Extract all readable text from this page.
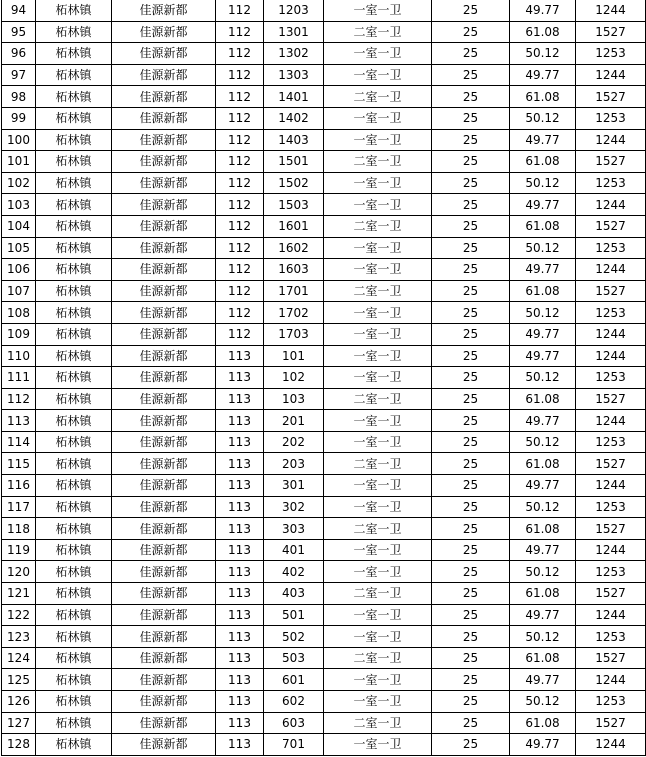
94	柘林镇	佳源新都	112	1203	一室一卫	25	49.77	1244
95	柘林镇	佳源新都	112	1301	二室一卫	25	61.08	1527
96	柘林镇	佳源新都	112	1302	一室一卫	25	50.12	1253
97	柘林镇	佳源新都	112	1303	一室一卫	25	49.77	1244
98	柘林镇	佳源新都	112	1401	二室一卫	25	61.08	1527
99	柘林镇	佳源新都	112	1402	一室一卫	25	50.12	1253
100	柘林镇	佳源新都	112	1403	一室一卫	25	49.77	1244
101	柘林镇	佳源新都	112	1501	二室一卫	25	61.08	1527
102	柘林镇	佳源新都	112	1502	一室一卫	25	50.12	1253
103	柘林镇	佳源新都	112	1503	一室一卫	25	49.77	1244
104	柘林镇	佳源新都	112	1601	二室一卫	25	61.08	1527
105	柘林镇	佳源新都	112	1602	一室一卫	25	50.12	1253
106	柘林镇	佳源新都	112	1603	一室一卫	25	49.77	1244
107	柘林镇	佳源新都	112	1701	二室一卫	25	61.08	1527
108	柘林镇	佳源新都	112	1702	一室一卫	25	50.12	1253
109	柘林镇	佳源新都	112	1703	一室一卫	25	49.77	1244
110	柘林镇	佳源新都	113	101	一室一卫	25	49.77	1244
111	柘林镇	佳源新都	113	102	一室一卫	25	50.12	1253
112	柘林镇	佳源新都	113	103	二室一卫	25	61.08	1527
113	柘林镇	佳源新都	113	201	一室一卫	25	49.77	1244
114	柘林镇	佳源新都	113	202	一室一卫	25	50.12	1253
115	柘林镇	佳源新都	113	203	二室一卫	25	61.08	1527
116	柘林镇	佳源新都	113	301	一室一卫	25	49.77	1244
117	柘林镇	佳源新都	113	302	一室一卫	25	50.12	1253
118	柘林镇	佳源新都	113	303	二室一卫	25	61.08	1527
119	柘林镇	佳源新都	113	401	一室一卫	25	49.77	1244
120	柘林镇	佳源新都	113	402	一室一卫	25	50.12	1253
121	柘林镇	佳源新都	113	403	二室一卫	25	61.08	1527
122	柘林镇	佳源新都	113	501	一室一卫	25	49.77	1244
123	柘林镇	佳源新都	113	502	一室一卫	25	50.12	1253
124	柘林镇	佳源新都	113	503	二室一卫	25	61.08	1527
125	柘林镇	佳源新都	113	601	一室一卫	25	49.77	1244
126	柘林镇	佳源新都	113	602	一室一卫	25	50.12	1253
127	柘林镇	佳源新都	113	603	二室一卫	25	61.08	1527
128	柘林镇	佳源新都	113	701	一室一卫	25	49.77	1244
